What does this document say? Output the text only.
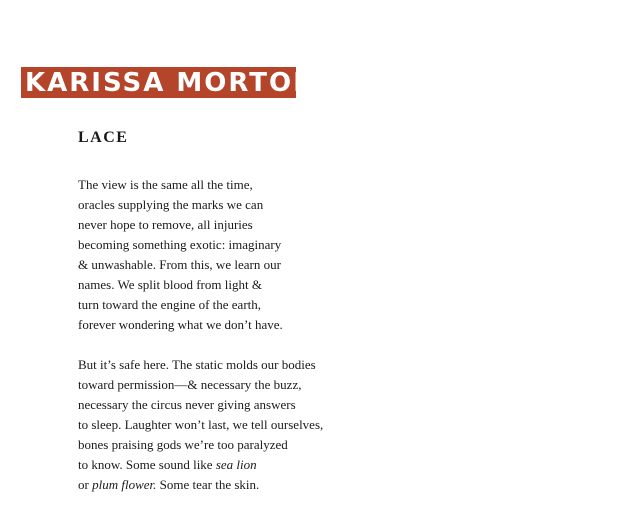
KARISSA MORTON
LACE
The view is the same all the time,
oracles supplying the marks we can
never hope to remove, all injuries
becoming something exotic: imaginary
& unwashable. From this, we learn our
names. We split blood from light &
turn toward the engine of the earth,
forever wondering what we don’t have.
But it’s safe here. The static molds our bodies
toward permission—& necessary the buzz,
necessary the circus never giving answers
to sleep. Laughter won’t last, we tell ourselves,
bones praising gods we’re too paralyzed
to know. Some sound like sea lion
or plum flower. Some tear the skin.
